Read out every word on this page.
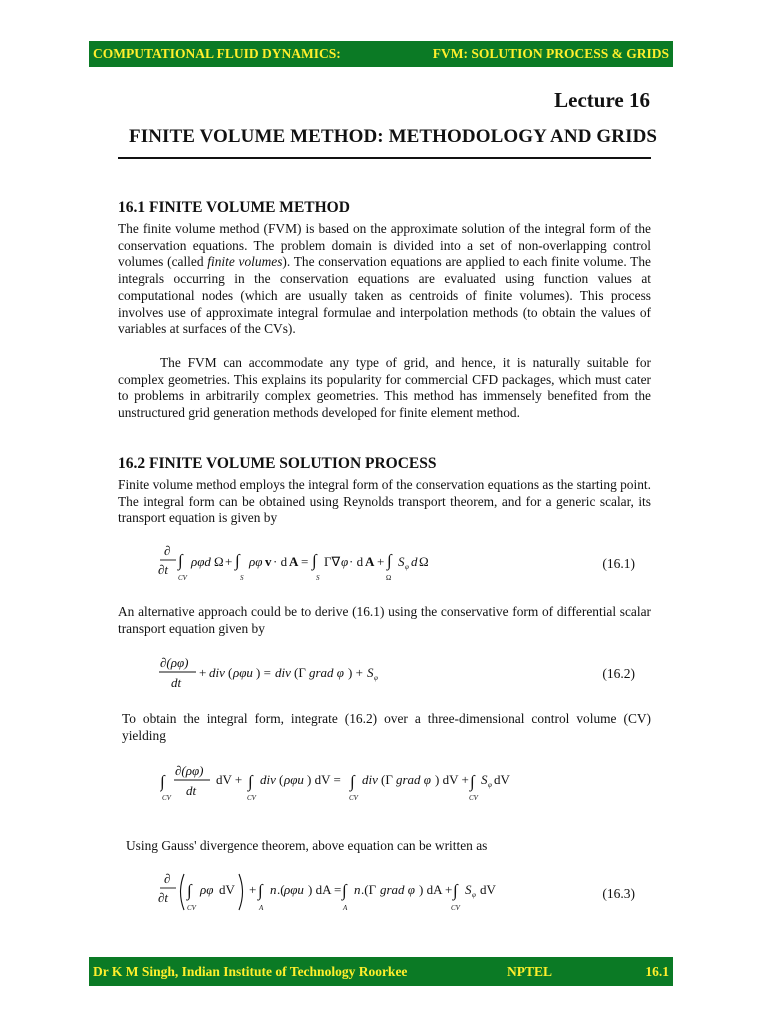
COMPUTATIONAL FLUID DYNAMICS:	FVM: SOLUTION PROCESS & GRIDS
Lecture 16
FINITE VOLUME METHOD: METHODOLOGY AND GRIDS
16.1 FINITE VOLUME METHOD
The finite volume method (FVM) is based on the approximate solution of the integral form of the conservation equations. The problem domain is divided into a set of non-overlapping control volumes (called finite volumes). The conservation equations are applied to each finite volume. The integrals occurring in the conservation equations are evaluated using function values at computational nodes (which are usually taken as centroids of finite volumes). This process involves use of approximate integral formulae and interpolation methods (to obtain the values of variables at surfaces of the CVs).
The FVM can accommodate any type of grid, and hence, it is naturally suitable for complex geometries. This explains its popularity for commercial CFD packages, which must cater to problems in arbitrarily complex geometries. This method has immensely benefited from the unstructured grid generation methods developed for finite element method.
16.2 FINITE VOLUME SOLUTION PROCESS
Finite volume method employs the integral form of the conservation equations as the starting point. The integral form can be obtained using Reynolds transport theorem, and for a generic scalar, its transport equation is given by
∂
∂t ∫
CV
ρφd Ω + ∫
S
ρφ v · d A = ∫
S
Γ∇ φ · d A + ∫
Ω
S φ d Ω	(16.1)
An alternative approach could be to derive (16.1) using the conservative form of differential scalar transport equation given by
∂(ρφ)
dt
+ div ( ρφu ) = div (Γ grad φ ) + S φ	(16.2)
To obtain the integral form, integrate (16.2) over a three-dimensional control volume (CV) yielding
∫
CV
∂(ρφ)
dt
dV + ∫
CV
div ( ρφu ) dV = ∫
CV
div (Γ grad φ ) dV + ∫
CV
S φ dV
Using Gauss' divergence theorem, above equation can be written as
∂
∂t ∫
CV
ρφ dV + ∫
A
n .( ρφu ) dA = ∫
A
n .(Γ grad φ ) dA + ∫
CV
S φ dV	(16.3)
Dr K M Singh, Indian Institute of Technology Roorkee	NPTEL	16.1
